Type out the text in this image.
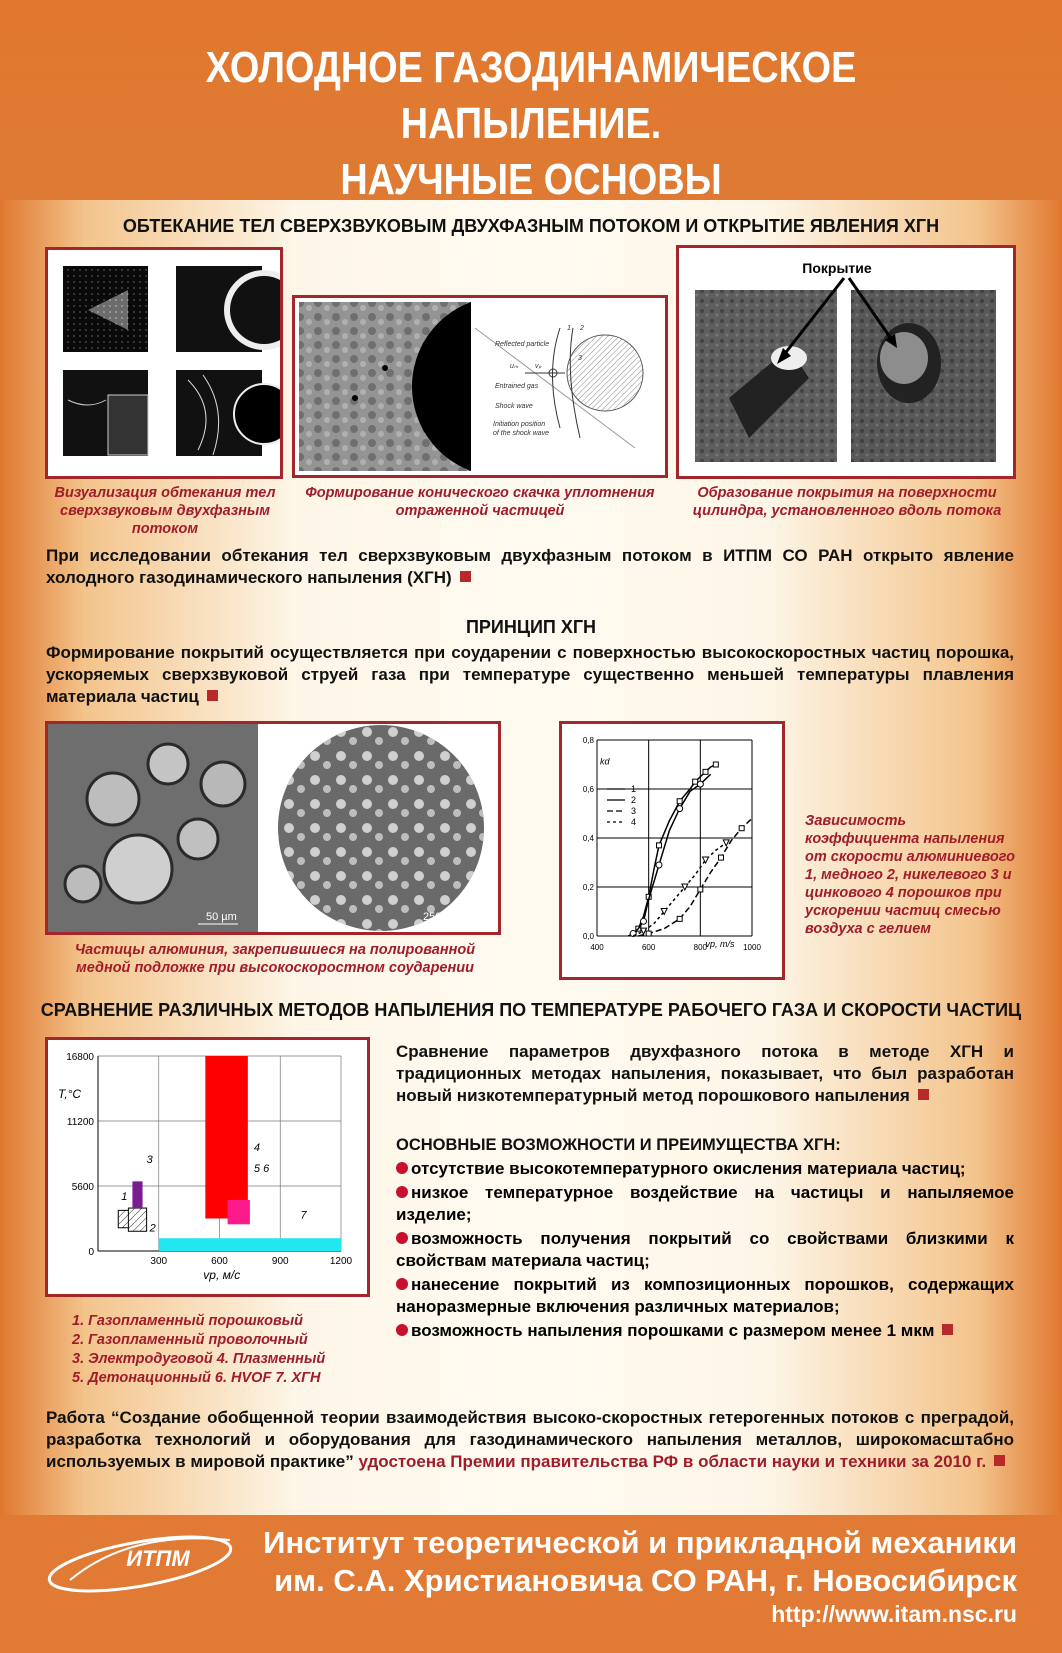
ХОЛОДНОЕ ГАЗОДИНАМИЧЕСКОЕ НАПЫЛЕНИЕ.
НАУЧНЫЕ ОСНОВЫ
ОБТЕКАНИЕ ТЕЛ СВЕРХЗВУКОВЫМ ДВУХФАЗНЫМ ПОТОКОМ И ОТКРЫТИЕ ЯВЛЕНИЯ ХГН
Reflected particle
uₘ vₚ
Entrained gas
Shock wave
Initiation position
of the shock wave
1 2
3
Покрытие
Визуализация обтекания тел сверхзвуковым двухфазным потоком
Формирование конического скачка уплотнения отраженной частицей
Образование покрытия на поверхности цилиндра, установленного вдоль потока
При исследовании обтекания тел сверхзвуковым двухфазным потоком в ИТПМ СО РАН открыто явление холодного газодинамического напыления (ХГН)
ПРИНЦИП ХГН
Формирование покрытий осуществляется при соударении с поверхностью высокоскоростных частиц порошка, ускоряемых сверхзвуковой струей газа при температуре существенно меньшей температуры плавления материала частиц
50 µm	250 µm
Частицы алюминия, закрепившиеся на полированной медной подложке при высокоскоростном соударении
400	600	800	1000
0,0
0,2
0,4
0,6
0,8
vp, m/s
kd
1
2
3
4	Зависимость коэффициента напыления от скорости алюминиевого 1, медного 2, никелевого 3 и цинкового 4 порошков при ускорении частиц смесью воздуха с гелием
СРАВНЕНИЕ РАЗЛИЧНЫХ МЕТОДОВ НАПЫЛЕНИЯ ПО ТЕМПЕРАТУРЕ РАБОЧЕГО ГАЗА И СКОРОСТИ ЧАСТИЦ
300	600	900	1200
0
5600
11200
16800
T,°C
vp, м/с
1
2
3
4
5 6
7
1. Газопламенный порошковый
2. Газопламенный проволочный
3. Электродуговой 4. Плазменный
5. Детонационный 6. HVOF 7. ХГН
Сравнение параметров двухфазного потока в методе ХГН и традиционных методах напыления, показывает, что был разработан новый низкотемпературный метод порошкового напыления
ОСНОВНЫЕ ВОЗМОЖНОСТИ И ПРЕИМУЩЕСТВА ХГН:
отсутствие высокотемпературного окисления материала частиц;
низкое температурное воздействие на частицы и напыляемое изделие;
возможность получения покрытий со свойствами близкими к свойствам материала частиц;
нанесение покрытий из композиционных порошков, содержащих наноразмерные включения различных материалов;
возможность напыления порошками с размером менее 1 мкм
Работа “Создание обобщенной теории взаимодействия высоко-скоростных гетерогенных потоков с преградой, разработка технологий и оборудования для газодинамического напыления металлов, широкомасштабно используемых в мировой практике” удостоена Премии правительства РФ в области науки и техники за 2010 г.
ИТПМ Институт теоретической и прикладной механики
им. С.А. Христиановича СО РАН, г. Новосибирск
http://www.itam.nsc.ru
